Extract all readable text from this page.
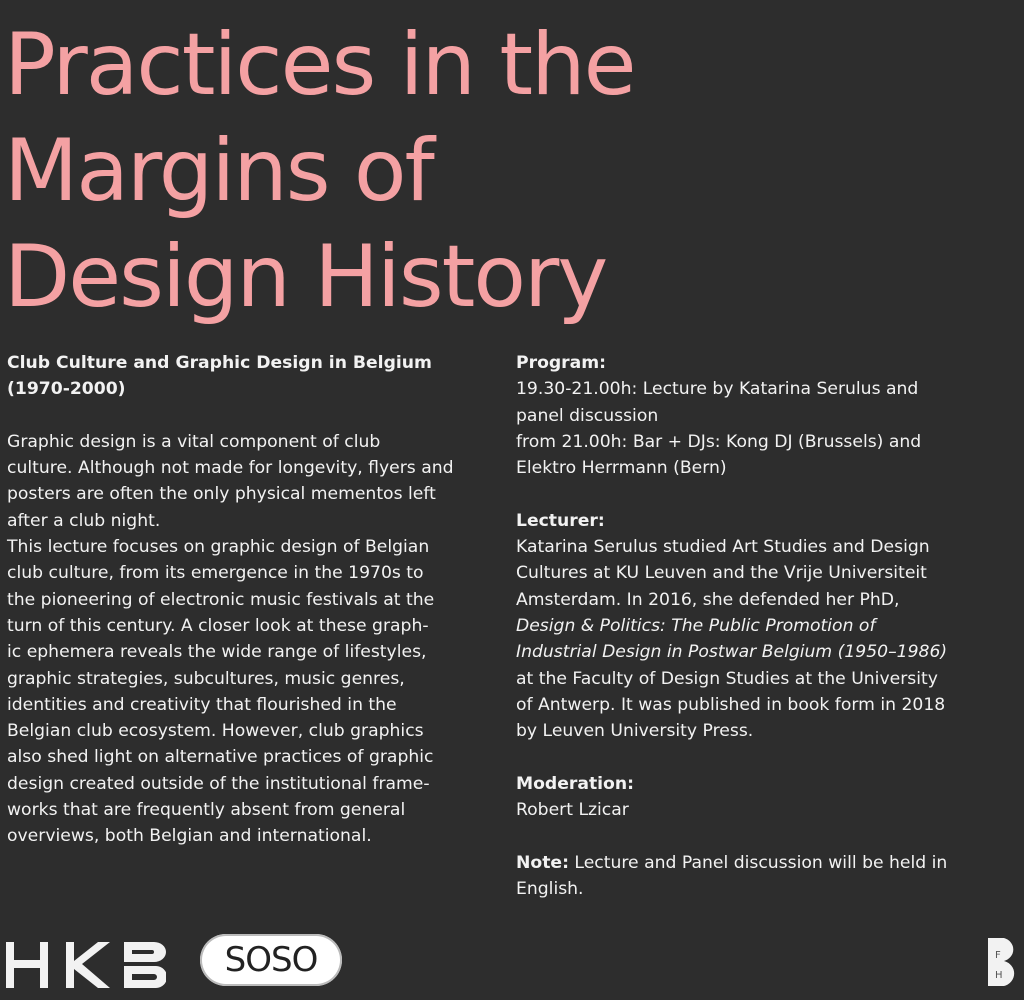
Practices in the
Margins of
Design History

Club Culture and Graphic Design in Belgium
(1970-2000)

Graphic design is a vital component of club
culture. Although not made for longevity, flyers and
posters are often the only physical mementos left
after a club night.

This lecture focuses on graphic design of Belgian
club culture, from its emergence in the 1970s to
the pioneering of electronic music festivals at the
turn of this century. A closer look at these graph-
ic ephemera reveals the wide range of lifestyles,
graphic strategies, subcultures, music genres,
identities and creativity that flourished in the
Belgian club ecosystem. However, club graphics
also shed light on alternative practices of graphic
design created outside of the institutional frame-
works that are frequently absent from general
overviews, both Belgian and international.

Program:

19.30-21.00h: Lecture by Katarina Serulus and
panel discussion
from 21.00h: Bar + DJs: Kong DJ (Brussels) and
Elektro Herrmann (Bern)

Lecturer:

Katarina Serulus studied Art Studies and Design
Cultures at KU Leuven and the Vrije Universiteit
Amsterdam. In 2016, she defended her PhD,
Design & Politics: The Public Promotion of
Industrial Design in Postwar Belgium (1950–1986)
at the Faculty of Design Studies at the University
of Antwerp. It was published in book form in 2018
by Leuven University Press.

Moderation:

Robert Lzicar

Note: Lecture and Panel discussion will be held in
English.

SOSO	F
H
